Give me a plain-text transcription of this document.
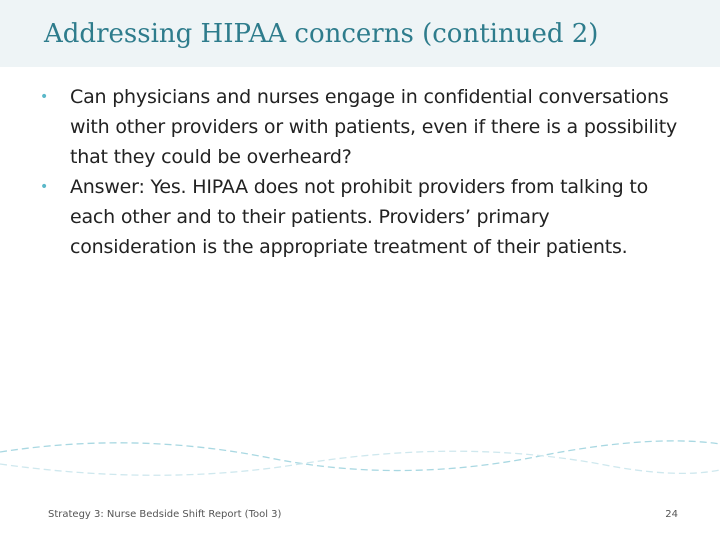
Addressing HIPAA concerns (continued 2)
•	Can physicians and nurses engage in confidential conversations with other providers or with patients, even if there is a possibility that they could be overheard?
•	Answer: Yes. HIPAA does not prohibit providers from talking to each other and to their patients. Providers’ primary consideration is the appropriate treatment of their patients.
Strategy 3: Nurse Bedside Shift Report (Tool 3)	24
